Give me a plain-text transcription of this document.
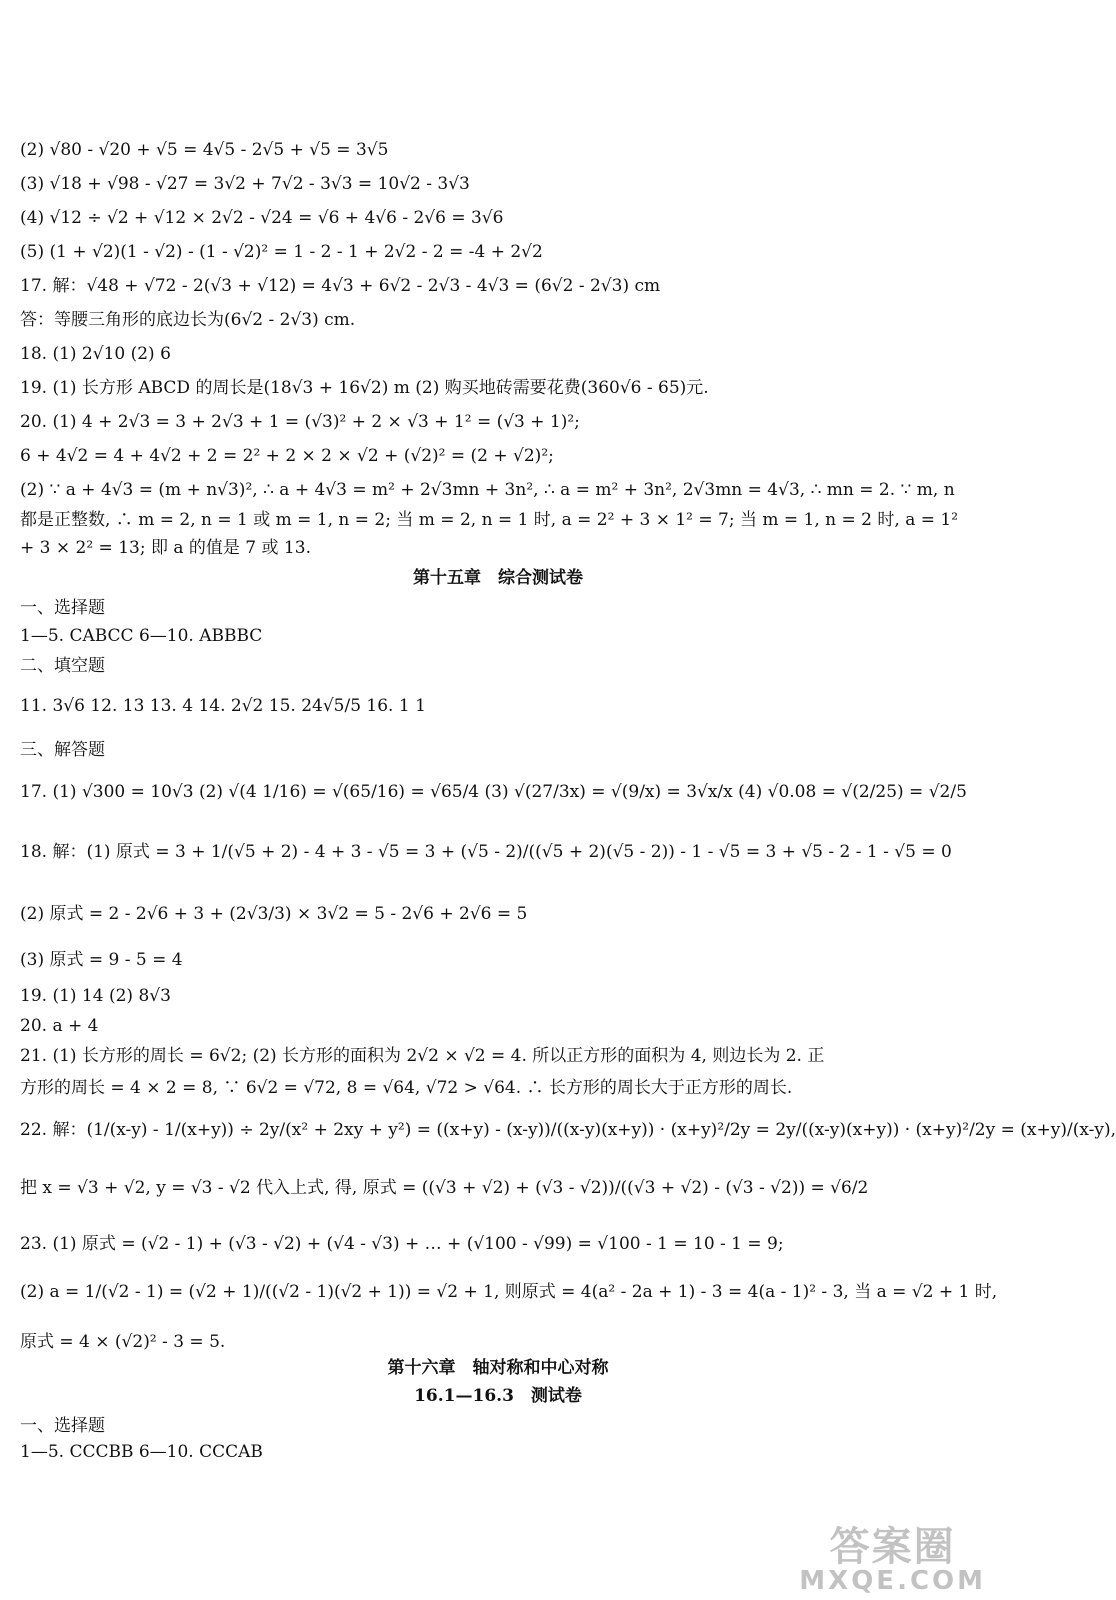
(2) √80 - √20 + √5 = 4√5 - 2√5 + √5 = 3√5
(3) √18 + √98 - √27 = 3√2 + 7√2 - 3√3 = 10√2 - 3√3
(4) √12 ÷ √2 + √12 × 2√2 - √24 = √6 + 4√6 - 2√6 = 3√6
(5) (1 + √2)(1 - √2) - (1 - √2)² = 1 - 2 - 1 + 2√2 - 2 = -4 + 2√2
17. 解：√48 + √72 - 2(√3 + √12) = 4√3 + 6√2 - 2√3 - 4√3 = (6√2 - 2√3) cm
答：等腰三角形的底边长为(6√2 - 2√3) cm.
18. (1) 2√10 (2) 6
19. (1) 长方形 ABCD 的周长是(18√3 + 16√2) m (2) 购买地砖需要花费(360√6 - 65)元.
20. (1) 4 + 2√3 = 3 + 2√3 + 1 = (√3)² + 2 × √3 + 1² = (√3 + 1)²;
6 + 4√2 = 4 + 4√2 + 2 = 2² + 2 × 2 × √2 + (√2)² = (2 + √2)²;
(2) ∵ a + 4√3 = (m + n√3)², ∴ a + 4√3 = m² + 2√3mn + 3n², ∴ a = m² + 3n², 2√3mn = 4√3, ∴ mn = 2. ∵ m, n
都是正整数, ∴ m = 2, n = 1 或 m = 1, n = 2; 当 m = 2, n = 1 时, a = 2² + 3 × 1² = 7; 当 m = 1, n = 2 时, a = 1²
+ 3 × 2² = 13; 即 a 的值是 7 或 13.
第十五章　综合测试卷
一、选择题
1—5. CABCC 6—10. ABBBC
二、填空题
11. 3√6 12. 13 13. 4 14. 2√2 15. 24√5/5 16. 1 1
三、解答题
17. (1) √300 = 10√3 (2) √(4 1/16) = √(65/16) = √65/4 (3) √(27/3x) = √(9/x) = 3√x/x (4) √0.08 = √(2/25) = √2/5
18. 解：(1) 原式 = 3 + 1/(√5 + 2) - 4 + 3 - √5 = 3 + (√5 - 2)/((√5 + 2)(√5 - 2)) - 1 - √5 = 3 + √5 - 2 - 1 - √5 = 0
(2) 原式 = 2 - 2√6 + 3 + (2√3/3) × 3√2 = 5 - 2√6 + 2√6 = 5
(3) 原式 = 9 - 5 = 4
19. (1) 14 (2) 8√3
20. a + 4
21. (1) 长方形的周长 = 6√2; (2) 长方形的面积为 2√2 × √2 = 4. 所以正方形的面积为 4, 则边长为 2. 正
方形的周长 = 4 × 2 = 8, ∵ 6√2 = √72, 8 = √64, √72 > √64. ∴ 长方形的周长大于正方形的周长.
22. 解：(1/(x-y) - 1/(x+y)) ÷ 2y/(x² + 2xy + y²) = ((x+y) - (x-y))/((x-y)(x+y)) · (x+y)²/2y = 2y/((x-y)(x+y)) · (x+y)²/2y = (x+y)/(x-y),
把 x = √3 + √2, y = √3 - √2 代入上式, 得, 原式 = ((√3 + √2) + (√3 - √2))/((√3 + √2) - (√3 - √2)) = √6/2
23. (1) 原式 = (√2 - 1) + (√3 - √2) + (√4 - √3) + … + (√100 - √99) = √100 - 1 = 10 - 1 = 9;
(2) a = 1/(√2 - 1) = (√2 + 1)/((√2 - 1)(√2 + 1)) = √2 + 1, 则原式 = 4(a² - 2a + 1) - 3 = 4(a - 1)² - 3, 当 a = √2 + 1 时,
原式 = 4 × (√2)² - 3 = 5.
第十六章　轴对称和中心对称
16.1—16.3　测试卷
一、选择题
1—5. CCCBB 6—10. CCCAB
答案圈
MXQE.COM
